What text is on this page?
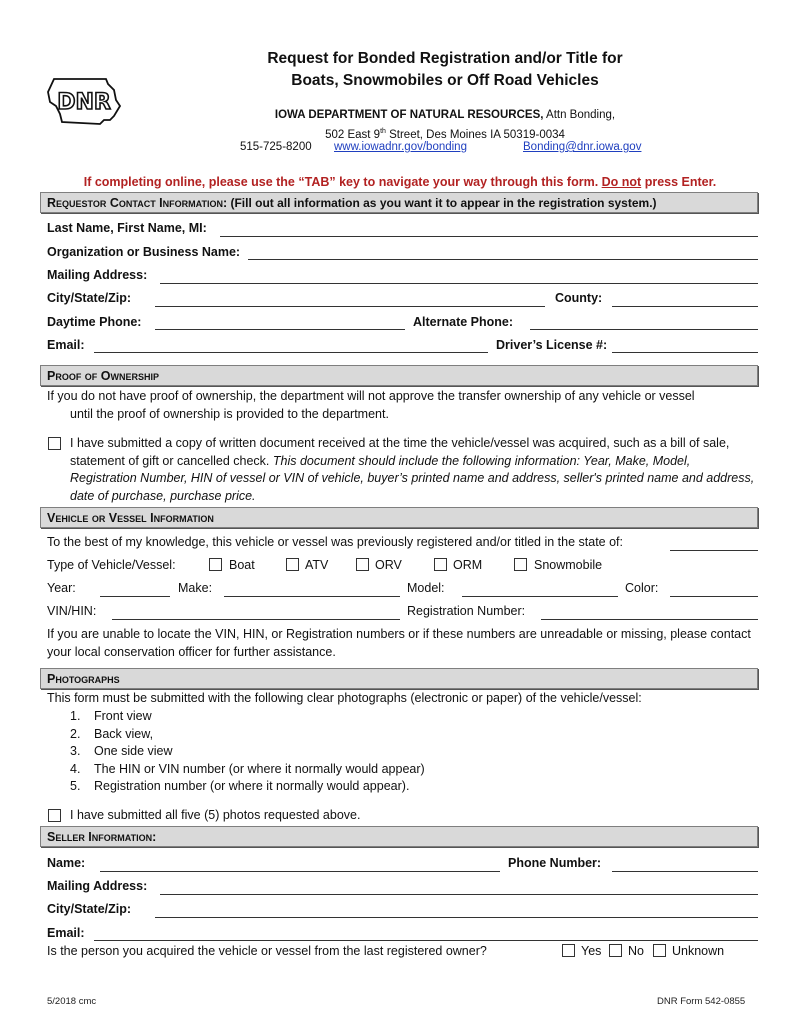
DNR
Request for Bonded Registration and/or Title for
Boats, Snowmobiles or Off Road Vehicles
IOWA DEPARTMENT OF NATURAL RESOURCES, Attn Bonding,
502 East 9th Street, Des Moines IA 50319-0034
515-725-8200 www.iowadnr.gov/bonding	Bonding@dnr.iowa.gov
If completing online, please use the “TAB” key to navigate your way through this form. Do not press Enter.
Requestor Contact Information: (Fill out all information as you want it to appear in the registration system.)
Last Name, First Name, MI:
Organization or Business Name:
Mailing Address:
City/State/Zip:	County:
Daytime Phone:	Alternate Phone:
Email:	Driver’s License #:
Proof of Ownership
If you do not have proof of ownership, the department will not approve the transfer ownership of any vehicle or vessel
until the proof of ownership is provided to the department.
I have submitted a copy of written document received at the time the vehicle/vessel was acquired, such as a bill of sale, statement of gift or cancelled check. This document should include the following information: Year, Make, Model, Registration Number, HIN of vessel or VIN of vehicle, buyer’s printed name and address, seller's printed name and address, date of purchase, purchase price.
Vehicle or Vessel Information
To the best of my knowledge, this vehicle or vessel was previously registered and/or titled in the state of:
Type of Vehicle/Vessel:	Boat	ATV	ORV	ORM	Snowmobile
Year:	Make:	Model:	Color:
VIN/HIN:	Registration Number:
If you are unable to locate the VIN, HIN, or Registration numbers or if these numbers are unreadable or missing, please contact your local conservation officer for further assistance.
Photographs
This form must be submitted with the following clear photographs (electronic or paper) of the vehicle/vessel:
1. Front view
2. Back view,
3. One side view
4. The HIN or VIN number (or where it normally would appear)
5. Registration number (or where it normally would appear).
I have submitted all five (5) photos requested above.
Seller Information:
Name:	Phone Number:
Mailing Address:
City/State/Zip:
Email:
Is the person you acquired the vehicle or vessel from the last registered owner?	Yes No Unknown
5/2018 cmc	DNR Form 542-0855
